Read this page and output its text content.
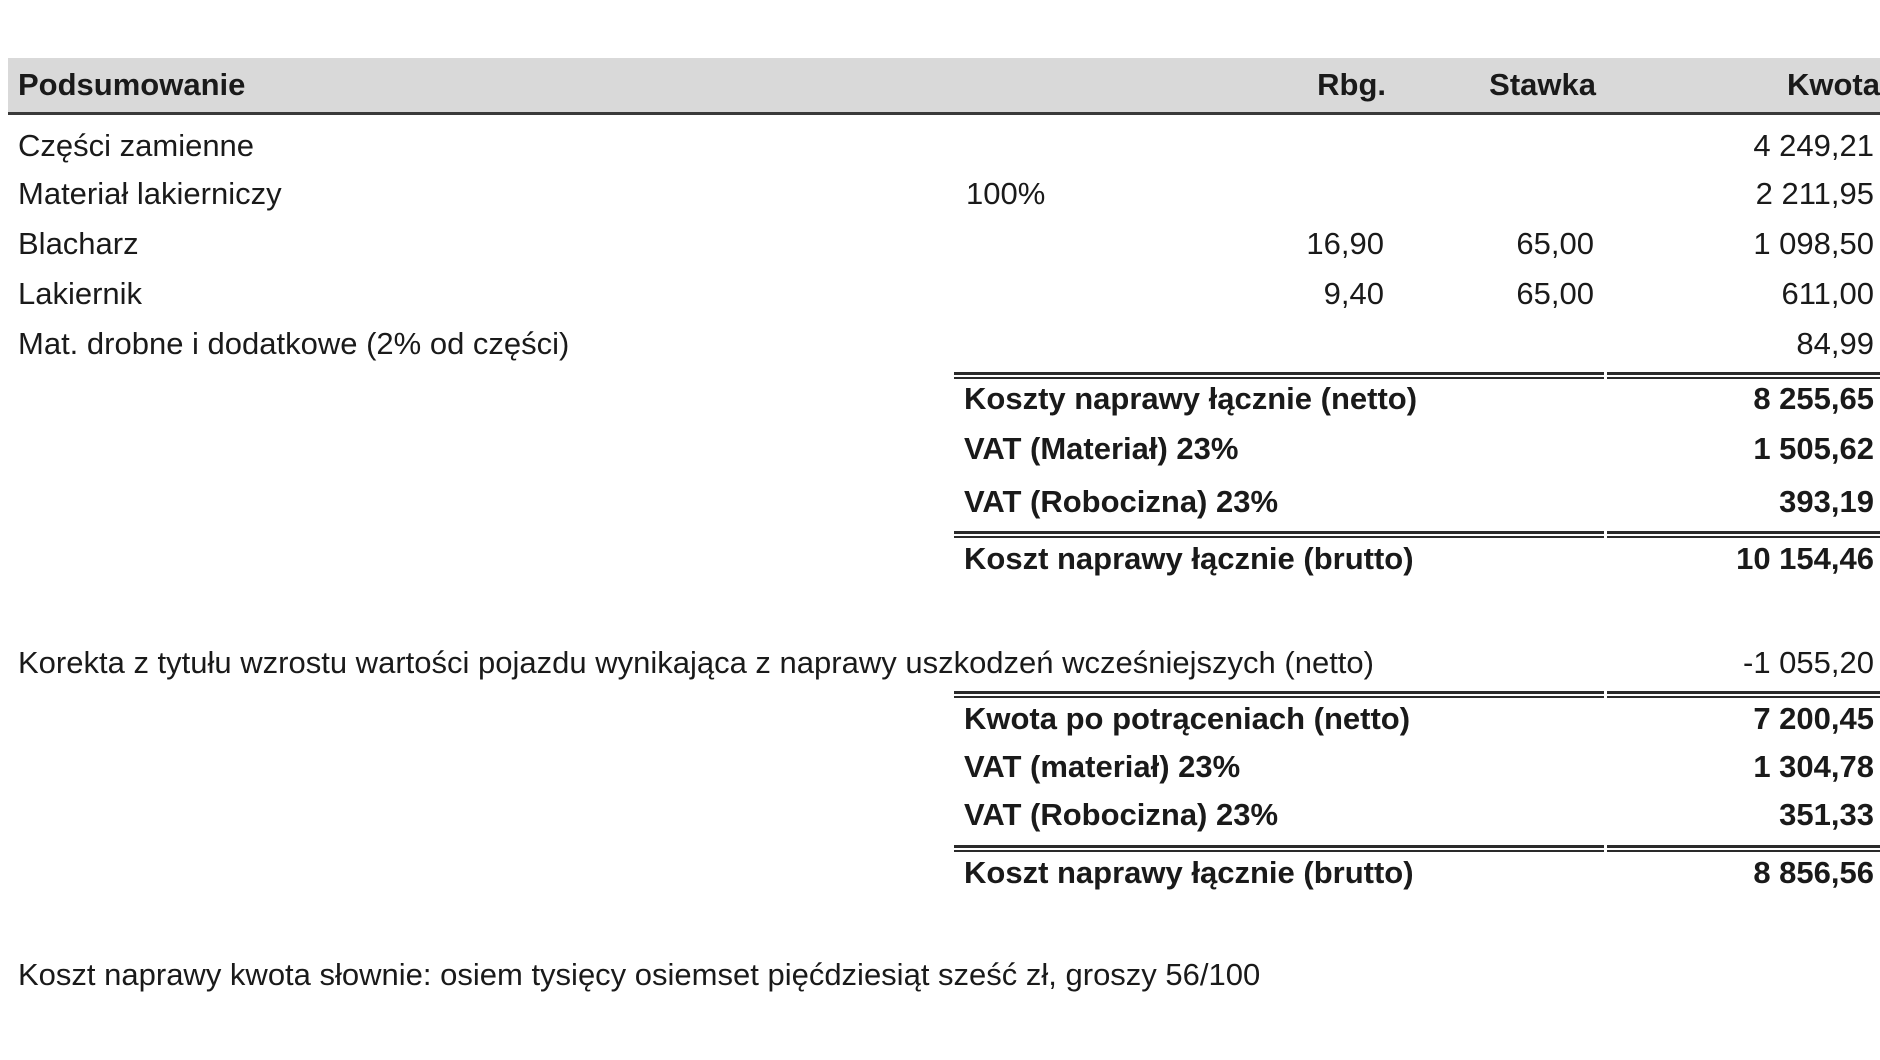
Podsumowanie	Rbg.	Stawka	Kwota
Części zamienne	4 249,21
Materiał lakierniczy	100%	2 211,95
Blacharz	16,90	65,00	1 098,50
Lakiernik	9,40	65,00	611,00
Mat. drobne i dodatkowe (2% od części)	84,99
Koszty naprawy łącznie (netto)	8 255,65
VAT (Materiał) 23%	1 505,62
VAT (Robocizna) 23%	393,19
Koszt naprawy łącznie (brutto)	10 154,46
Korekta z tytułu wzrostu wartości pojazdu wynikająca z naprawy uszkodzeń wcześniejszych (netto)	-1 055,20
Kwota po potrąceniach (netto)	7 200,45
VAT (materiał) 23%	1 304,78
VAT (Robocizna) 23%	351,33
Koszt naprawy łącznie (brutto)	8 856,56
Koszt naprawy kwota słownie: osiem tysięcy osiemset pięćdziesiąt sześć zł, groszy 56/100
